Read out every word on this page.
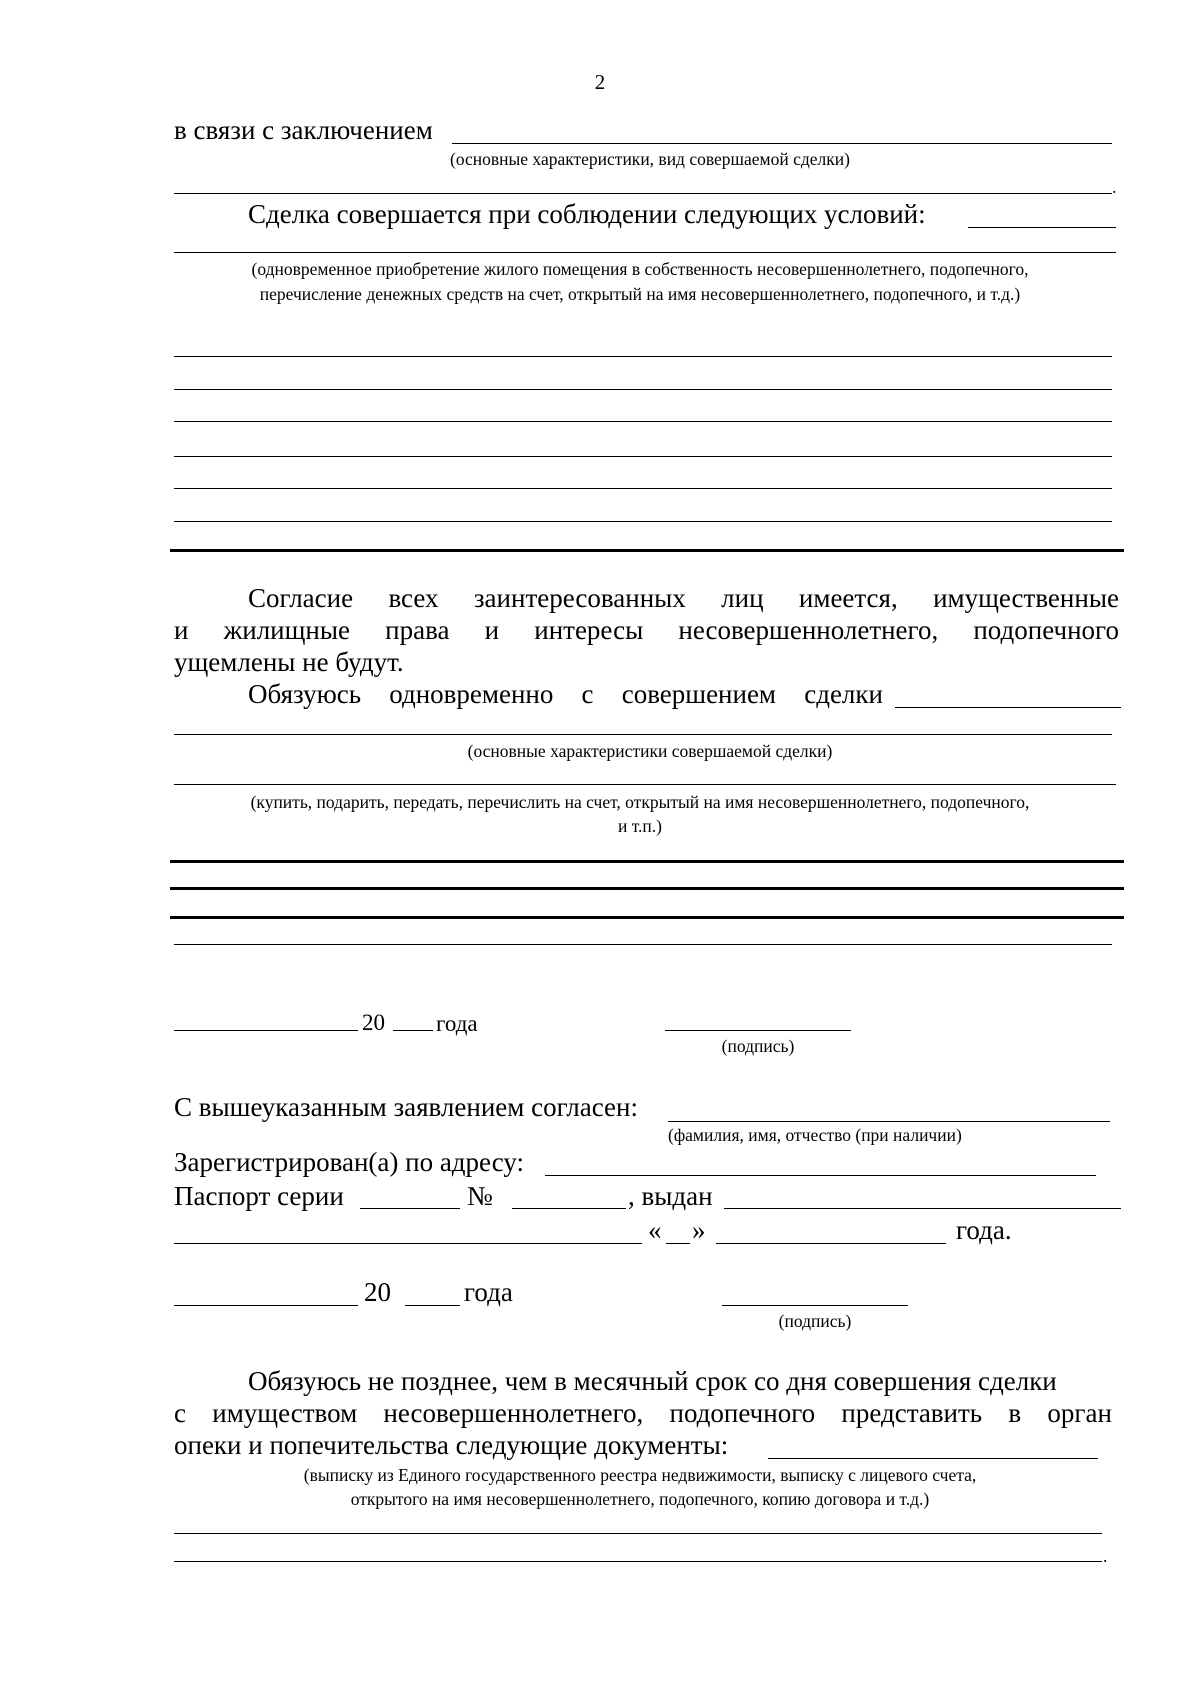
2
в связи с заключением
(основные характеристики, вид совершаемой сделки)
.
Сделка совершается при соблюдении следующих условий:
(одновременное приобретение жилого помещения в собственность несовершеннолетнего, подопечного,
перечисление денежных средств на счет, открытый на имя несовершеннолетнего, подопечного, и т.д.)
Согласие всех заинтересованных лиц имеется, имущественные
и жилищные права и интересы несовершеннолетнего, подопечного
ущемлены не будут.
Обязуюсь одновременно с совершением сделки
(основные характеристики совершаемой сделки)
(купить, подарить, передать, перечислить на счет, открытый на имя несовершеннолетнего, подопечного,
и т.п.)
20 года
(подпись)
С вышеуказанным заявлением согласен:
(фамилия, имя, отчество (при наличии)
Зарегистрирован(а) по адресу:
Паспорт серии	№	, выдан
« »	года.
20	года
(подпись)
Обязуюсь не позднее, чем в месячный срок со дня совершения сделки
с имуществом несовершеннолетнего, подопечного представить в орган
опеки и попечительства следующие документы:
(выписку из Единого государственного реестра недвижимости, выписку с лицевого счета,
открытого на имя несовершеннолетнего, подопечного, копию договора и т.д.)
.
